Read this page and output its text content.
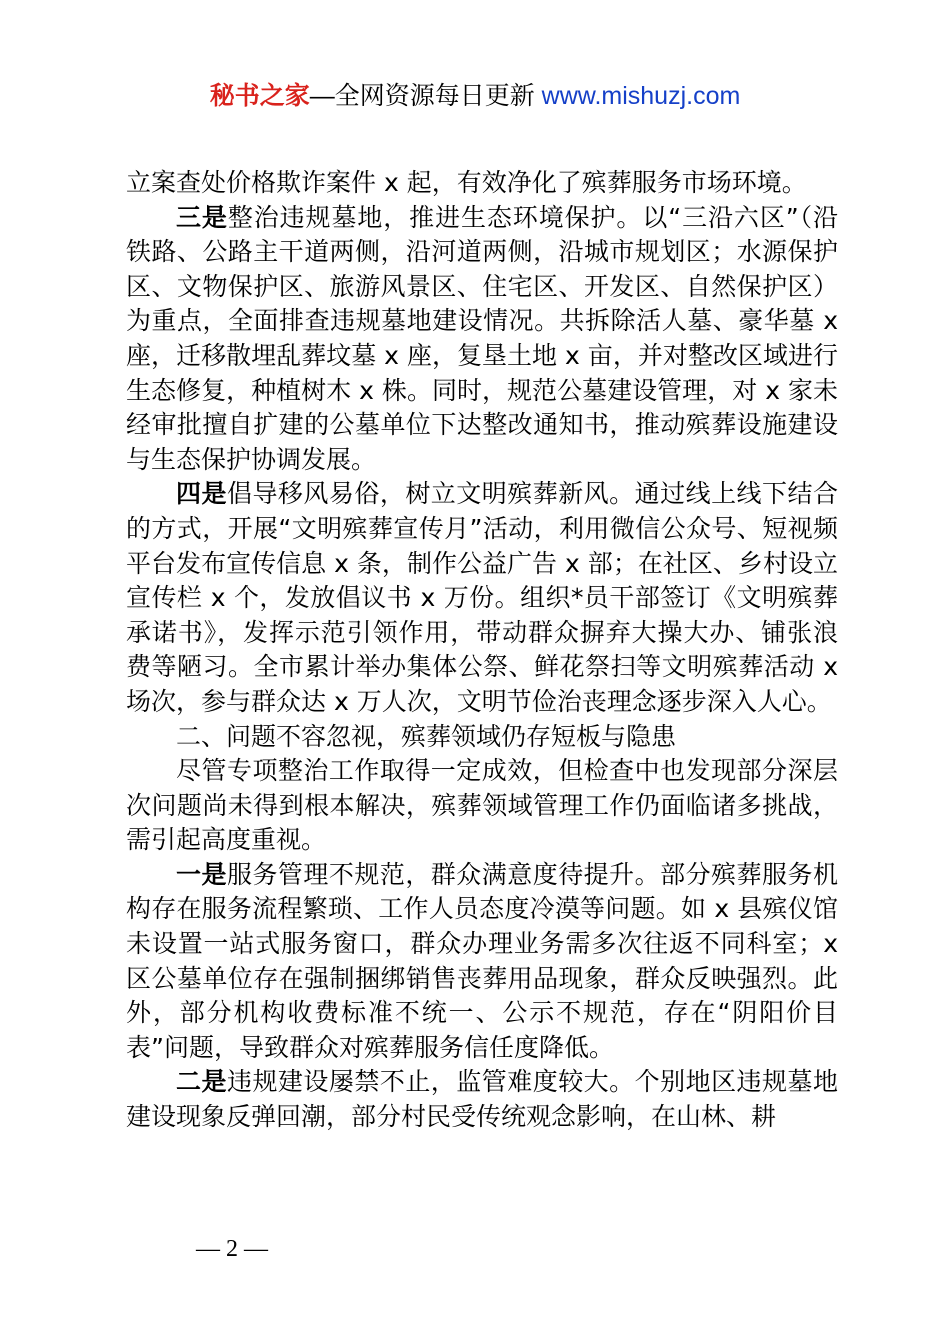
秘书之家—全网资源每日更新 www.mishuzj.com

立案查处价格欺诈案件 x 起，有效净化了殡葬服务市场环境。

三是整治违规墓地，推进生态环境保护。以“三沿六区”（沿铁路、公路主干道两侧，沿河道两侧，沿城市规划区；水源保护区、文物保护区、旅游风景区、住宅区、开发区、自然保护区）为重点，全面排查违规墓地建设情况。共拆除活人墓、豪华墓 x 座，迁移散埋乱葬坟墓 x 座，复垦土地 x 亩，并对整改区域进行生态修复，种植树木 x 株。同时，规范公墓建设管理，对 x 家未经审批擅自扩建的公墓单位下达整改通知书，推动殡葬设施建设与生态保护协调发展。

四是倡导移风易俗，树立文明殡葬新风。通过线上线下结合的方式，开展“文明殡葬宣传月”活动，利用微信公众号、短视频平台发布宣传信息 x 条，制作公益广告 x 部；在社区、乡村设立宣传栏 x 个，发放倡议书 x 万份。组织*员干部签订《文明殡葬承诺书》，发挥示范引领作用，带动群众摒弃大操大办、铺张浪费等陋习。全市累计举办集体公祭、鲜花祭扫等文明殡葬活动 x 场次，参与群众达 x 万人次，文明节俭治丧理念逐步深入人心。

二、问题不容忽视，殡葬领域仍存短板与隐患

尽管专项整治工作取得一定成效，但检查中也发现部分深层次问题尚未得到根本解决，殡葬领域管理工作仍面临诸多挑战，需引起高度重视。

一是服务管理不规范，群众满意度待提升。部分殡葬服务机构存在服务流程繁琐、工作人员态度冷漠等问题。如 x 县殡仪馆未设置一站式服务窗口，群众办理业务需多次往返不同科室；x 区公墓单位存在强制捆绑销售丧葬用品现象，群众反映强烈。此外，部分机构收费标准不统一、公示不规范，存在“阴阳价目表”问题，导致群众对殡葬服务信任度降低。

二是违规建设屡禁不止，监管难度较大。个别地区违规墓地建设现象反弹回潮，部分村民受传统观念影响，在山林、耕

— 2 —
